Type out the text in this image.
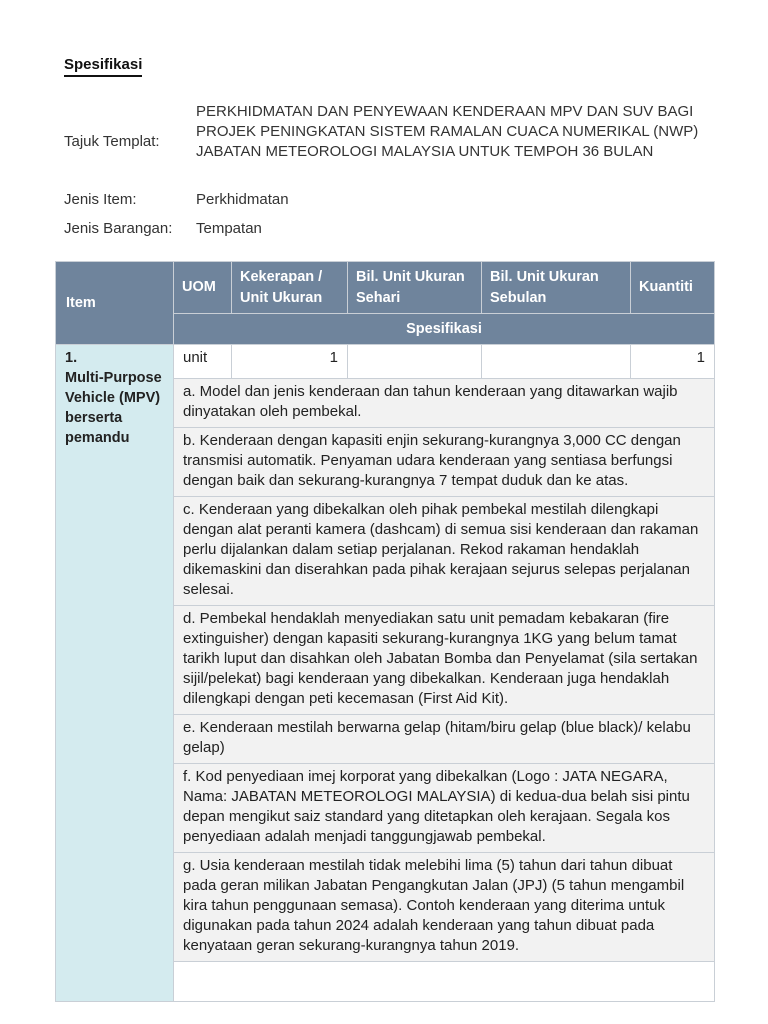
Spesifikasi
Tajuk Templat:
PERKHIDMATAN DAN PENYEWAAN KENDERAAN MPV DAN SUV BAGI PROJEK PENINGKATAN SISTEM RAMALAN CUACA NUMERIKAL (NWP) JABATAN METEOROLOGI MALAYSIA UNTUK TEMPOH 36 BULAN
Jenis Item:	Perkhidmatan
Jenis Barangan: Tempatan
Item	UOM	Kekerapan / Unit Ukuran	Bil. Unit Ukuran Sehari	Bil. Unit Ukuran Sebulan	Kuantiti
	Spesifikasi				

1.
Multi-Purpose Vehicle (MPV) berserta pemandu	unit	1			1
	a. Model dan jenis kenderaan dan tahun kenderaan yang ditawarkan wajib dinyatakan oleh pembekal.				
	b. Kenderaan dengan kapasiti enjin sekurang-kurangnya 3,000 CC dengan transmisi automatik. Penyaman udara kenderaan yang sentiasa berfungsi dengan baik dan sekurang-kurangnya 7 tempat duduk dan ke atas.				
	c. Kenderaan yang dibekalkan oleh pihak pembekal mestilah dilengkapi dengan alat peranti kamera (dashcam) di semua sisi kenderaan dan rakaman perlu dijalankan dalam setiap perjalanan. Rekod rakaman hendaklah dikemaskini dan diserahkan pada pihak kerajaan sejurus selepas perjalanan selesai.				
	d. Pembekal hendaklah menyediakan satu unit pemadam kebakaran (fire extinguisher) dengan kapasiti sekurang-kurangnya 1KG yang belum tamat tarikh luput dan disahkan oleh Jabatan Bomba dan Penyelamat (sila sertakan sijil/pelekat) bagi kenderaan yang dibekalkan. Kenderaan juga hendaklah dilengkapi dengan peti kecemasan (First Aid Kit).				
	e. Kenderaan mestilah berwarna gelap (hitam/biru gelap (blue black)/ kelabu gelap)				
	f. Kod penyediaan imej korporat yang dibekalkan (Logo : JATA NEGARA, Nama: JABATAN METEOROLOGI MALAYSIA) di kedua-dua belah sisi pintu depan mengikut saiz standard yang ditetapkan oleh kerajaan. Segala kos penyediaan adalah menjadi tanggungjawab pembekal.				
	g. Usia kenderaan mestilah tidak melebihi lima (5) tahun dari tahun dibuat pada geran milikan Jabatan Pengangkutan Jalan (JPJ) (5 tahun mengambil kira tahun penggunaan semasa). Contoh kenderaan yang diterima untuk digunakan pada tahun 2024 adalah kenderaan yang tahun dibuat pada kenyataan geran sekurang-kurangnya tahun 2019.				
